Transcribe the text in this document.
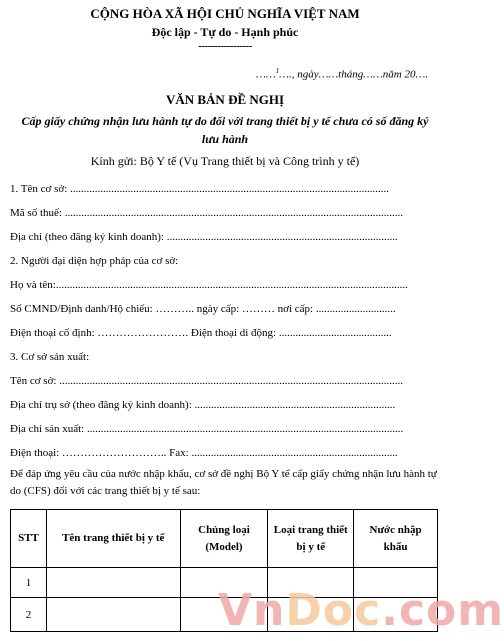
CỘNG HÒA XÃ HỘI CHỦ NGHĨA VIỆT NAM
Độc lập - Tự do - Hạnh phúc
-----------------
……$^1$…., ngày……tháng……năm 20….
VĂN BẢN ĐỀ NGHỊ
Cấp giấy chứng nhận lưu hành tự do đối với trang thiết bị y tế chưa có số đăng ký lưu hành
Kính gửi: Bộ Y tế (Vụ Trang thiết bị và Công trình y tế)
1. Tên cơ sở: ....................................................................................................................
Mã số thuế: ...........................................................................................................................
Địa chỉ (theo đăng ký kinh doanh): ....................................................................................
2. Người đại diện hợp pháp của cơ sở:
Họ và tên:................................................................................................................................
Số CMND/Định danh/Hộ chiếu: ……….. ngày cấp: ……… nơi cấp: .............................
Điện thoại cố định: ……………………. Điện thoại di động: .........................................
3. Cơ sở sản xuất:
Tên cơ sở: .............................................................................................................................
Địa chỉ trụ sở (theo đăng ký kinh doanh): .........................................................................
Địa chỉ sản xuất: ...................................................................................................................
Điện thoại: ……………………….. Fax: ...........................................................................
Để đáp ứng yêu cầu của nước nhập khẩu, cơ sở đề nghị Bộ Y tế cấp giấy chứng nhận lưu hành tự do (CFS) đối với các trang thiết bị y tế sau:
STT	Tên trang thiết bị y tế	Chủng loại (Model)	Loại trang thiết bị y tế	Nước nhập khẩu
1				
2					VnDoc.com
